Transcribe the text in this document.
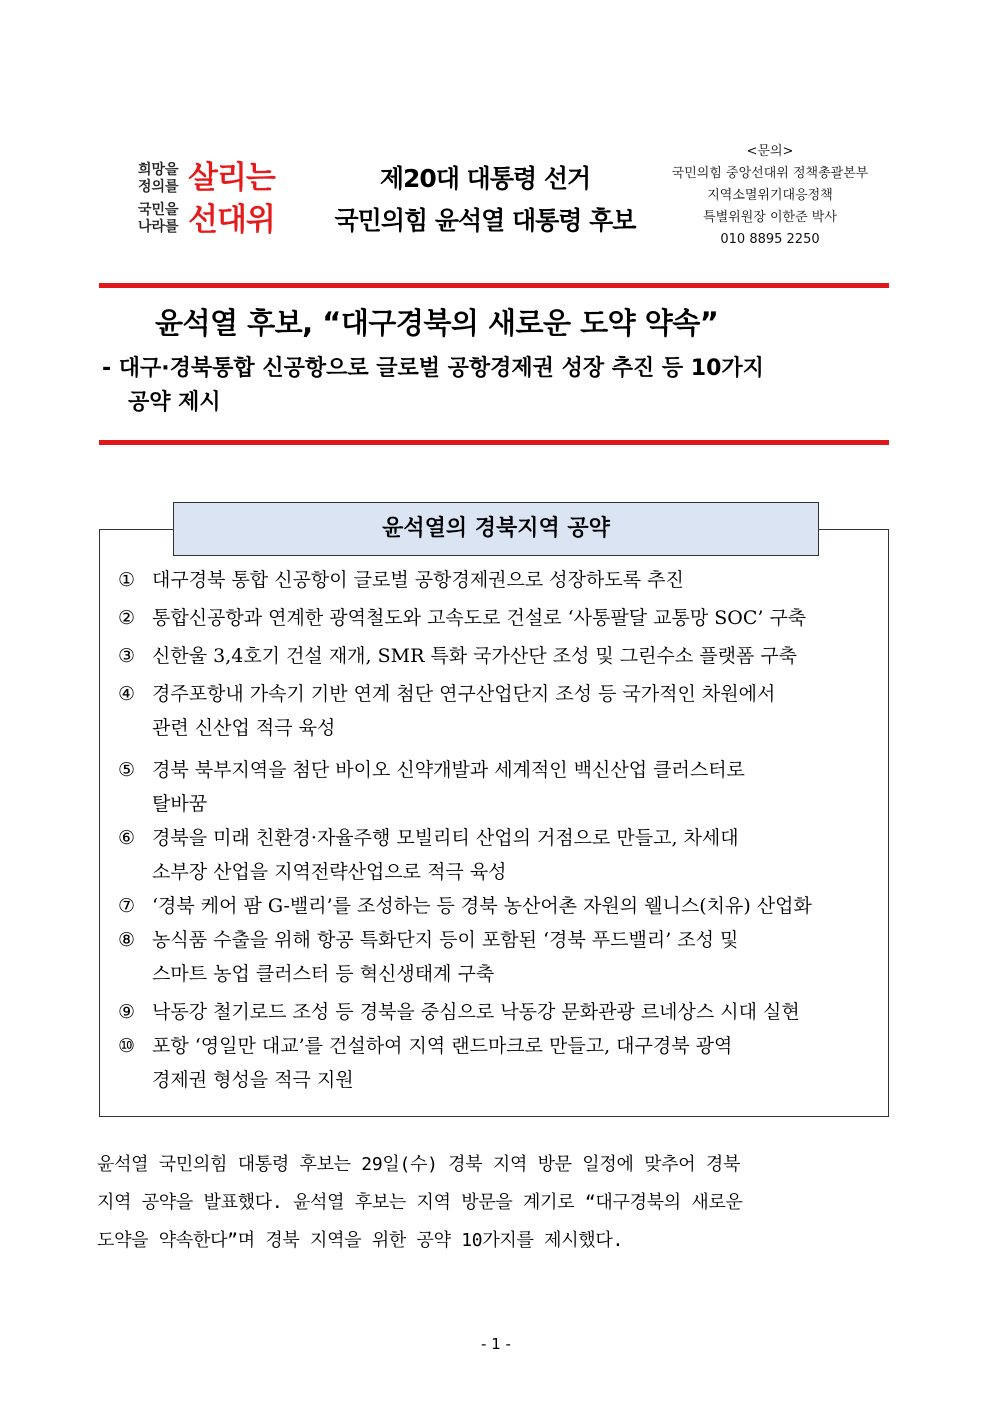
희망을
정의를
국민을
나라를
살리는
선대위
제20대 대통령 선거
국민의힘 윤석열 대통령 후보
<문의>
국민의힘 중앙선대위 정책총괄본부
지역소멸위기대응정책
특별위원장 이한준 박사
010 8895 2250
윤석열 후보, “대구경북의 새로운 도약 약속”
- 대구·경북통합 신공항으로 글로벌 공항경제권 성장 추진 등 10가지
공약 제시
윤석열의 경북지역 공약
① 대구경북 통합 신공항이 글로벌 공항경제권으로 성장하도록 추진
② 통합신공항과 연계한 광역철도와 고속도로 건설로 ‘사통팔달 교통망 SOC’ 구축
③ 신한울 3,4호기 건설 재개, SMR 특화 국가산단 조성 및 그린수소 플랫폼 구축
④ 경주포항내 가속기 기반 연계 첨단 연구산업단지 조성 등 국가적인 차원에서
관련 신산업 적극 육성
⑤ 경북 북부지역을 첨단 바이오 신약개발과 세계적인 백신산업 클러스터로
탈바꿈
⑥ 경북을 미래 친환경·자율주행 모빌리티 산업의 거점으로 만들고, 차세대
소부장 산업을 지역전략산업으로 적극 육성
⑦ ‘경북 케어 팜 G-밸리’를 조성하는 등 경북 농산어촌 자원의 웰니스(치유) 산업화
⑧ 농식품 수출을 위해 항공 특화단지 등이 포함된 ‘경북 푸드밸리’ 조성 및
스마트 농업 클러스터 등 혁신생태계 구축
⑨ 낙동강 철기로드 조성 등 경북을 중심으로 낙동강 문화관광 르네상스 시대 실현
⑩ 포항 ‘영일만 대교’를 건설하여 지역 랜드마크로 만들고, 대구경북 광역
경제권 형성을 적극 지원
윤석열 국민의힘 대통령 후보는 29일(수) 경북 지역 방문 일정에 맞추어 경북
지역 공약을 발표했다. 윤석열 후보는 지역 방문을 계기로 “대구경북의 새로운
도약을 약속한다”며 경북 지역을 위한 공약 10가지를 제시했다.
- 1 -
